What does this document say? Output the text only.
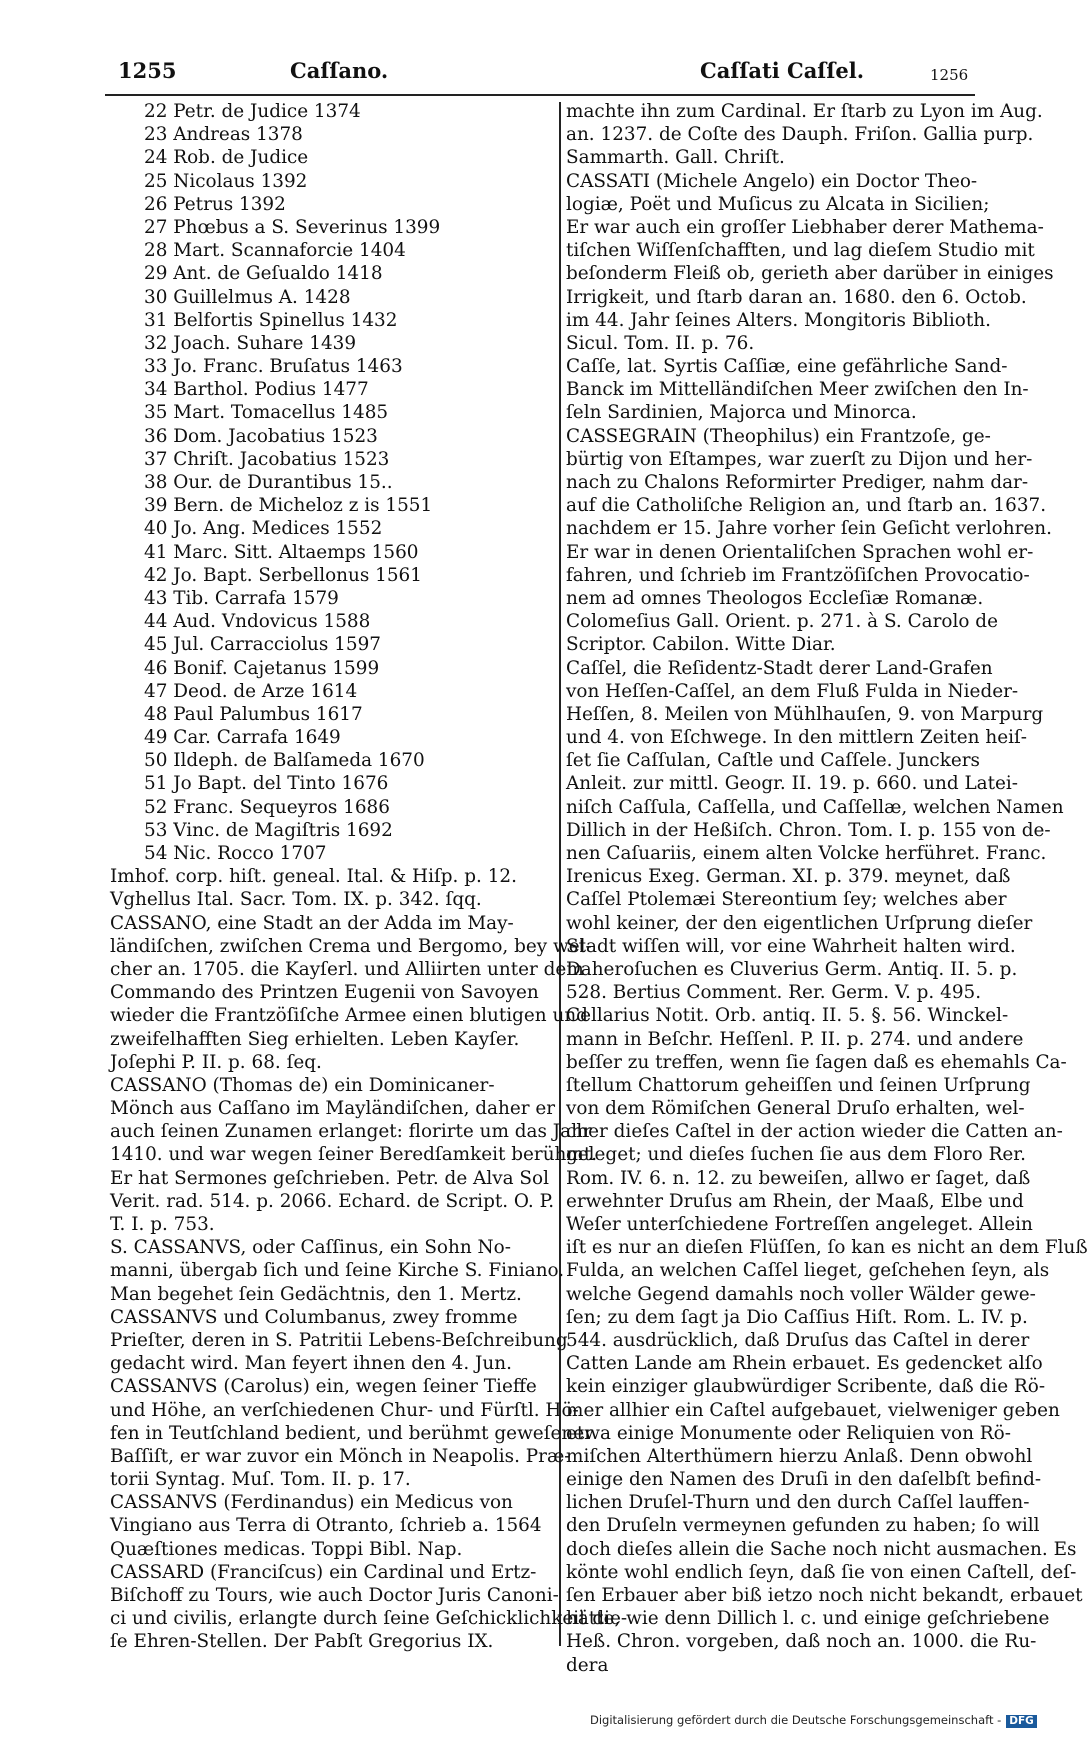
1255	Caſſano.	Caſſati Caſſel.	1256
22 Petr. de Judice 1374
23 Andreas 1378
24 Rob. de Judice
25 Nicolaus 1392
26 Petrus 1392
27 Phœbus a S. Severinus 1399
28 Mart. Scannaforcie 1404
29 Ant. de Geſualdo 1418
30 Guillelmus A. 1428
31 Belfortis Spinellus 1432
32 Joach. Suhare 1439
33 Jo. Franc. Bruſatus 1463
34 Barthol. Podius 1477
35 Mart. Tomacellus 1485
36 Dom. Jacobatius 1523
37 Chriſt. Jacobatius 1523
38 Our. de Durantibus 15..
39 Bern. de Micheloz z is 1551
40 Jo. Ang. Medices 1552
41 Marc. Sitt. Altaemps 1560
42 Jo. Bapt. Serbellonus 1561
43 Tib. Carrafa 1579
44 Aud. Vndovicus 1588
45 Jul. Carracciolus 1597
46 Bonif. Cajetanus 1599
47 Deod. de Arze 1614
48 Paul Palumbus 1617
49 Car. Carrafa 1649
50 Ildeph. de Balſameda 1670
51 Jo Bapt. del Tinto 1676
52 Franc. Sequeyros 1686
53 Vinc. de Magiſtris 1692
54 Nic. Rocco 1707
Imhof. corp. hiſt. geneal. Ital. & Hiſp. p. 12.
Vghellus Ital. Sacr. Tom. IX. p. 342. ſqq.
CASSANO, eine Stadt an der Adda im May-
ländiſchen, zwiſchen Crema und Bergomo, bey wel-
cher an. 1705. die Kayſerl. und Alliirten unter dem
Commando des Printzen Eugenii von Savoyen
wieder die Frantzöſiſche Armee einen blutigen und
zweifelhafften Sieg erhielten. Leben Kayſer.
Joſephi P. II. p. 68. ſeq.
CASSANO (Thomas de) ein Dominicaner-
Mönch aus Caſſano im Mayländiſchen, daher er
auch ſeinen Zunamen erlanget: florirte um das Jahr
1410. und war wegen ſeiner Beredſamkeit berühmt.
Er hat Sermones geſchrieben. Petr. de Alva Sol
Verit. rad. 514. p. 2066. Echard. de Script. O. P.
T. I. p. 753.
S. CASSANVS, oder Caſſinus, ein Sohn No-
manni, übergab ſich und ſeine Kirche S. Finiano.
Man begehet ſein Gedächtnis, den 1. Mertz.
CASSANVS und Columbanus, zwey fromme
Prieſter, deren in S. Patritii Lebens-Beſchreibung
gedacht wird. Man feyert ihnen den 4. Jun.
CASSANVS (Carolus) ein, wegen ſeiner Tieffe
und Höhe, an verſchiedenen Chur- und Fürſtl. Hö-
fen in Teutſchland bedient, und berühmt geweſener
Baſſiſt, er war zuvor ein Mönch in Neapolis. Præ-
torii Syntag. Muſ. Tom. II. p. 17.
CASSANVS (Ferdinandus) ein Medicus von
Vingiano aus Terra di Otranto, ſchrieb a. 1564
Quæſtiones medicas. Toppi Bibl. Nap.
CASSARD (Franciſcus) ein Cardinal und Ertz-
Biſchoff zu Tours, wie auch Doctor Juris Canoni-
ci und civilis, erlangte durch ſeine Geſchicklichkeit die-
ſe Ehren-Stellen. Der Pabſt Gregorius IX.
machte ihn zum Cardinal. Er ſtarb zu Lyon im Aug.
an. 1237. de Coſte des Dauph. Friſon. Gallia purp.
Sammarth. Gall. Chriſt.
CASSATI (Michele Angelo) ein Doctor Theo-
logiæ, Poët und Muſicus zu Alcata in Sicilien;
Er war auch ein groſſer Liebhaber derer Mathema-
tiſchen Wiſſenſchafften, und lag dieſem Studio mit
beſonderm Fleiß ob, gerieth aber darüber in einiges
Irrigkeit, und ſtarb daran an. 1680. den 6. Octob.
im 44. Jahr ſeines Alters. Mongitoris Biblioth.
Sicul. Tom. II. p. 76.
Caſſe, lat. Syrtis Caſſiæ, eine gefährliche Sand-
Banck im Mittelländiſchen Meer zwiſchen den In-
ſeln Sardinien, Majorca und Minorca.
CASSEGRAIN (Theophilus) ein Frantzoſe, ge-
bürtig von Eſtampes, war zuerſt zu Dijon und her-
nach zu Chalons Reformirter Prediger, nahm dar-
auf die Catholiſche Religion an, und ſtarb an. 1637.
nachdem er 15. Jahre vorher ſein Geſicht verlohren.
Er war in denen Orientaliſchen Sprachen wohl er-
fahren, und ſchrieb im Frantzöſiſchen Provocatio-
nem ad omnes Theologos Eccleſiæ Romanæ.
Colomeſius Gall. Orient. p. 271. à S. Carolo de
Scriptor. Cabilon. Witte Diar.
Caſſel, die Reſidentz-Stadt derer Land-Grafen
von Heſſen-Caſſel, an dem Fluß Fulda in Nieder-
Heſſen, 8. Meilen von Mühlhauſen, 9. von Marpurg
und 4. von Eſchwege. In den mittlern Zeiten heiſ-
ſet ſie Caſſulan, Caſtle und Caſſele. Junckers
Anleit. zur mittl. Geogr. II. 19. p. 660. und Latei-
niſch Caſſula, Caſſella, und Caſſellæ, welchen Namen
Dillich in der Heßiſch. Chron. Tom. I. p. 155 von de-
nen Caſuariis, einem alten Volcke herführet. Franc.
Irenicus Exeg. German. XI. p. 379. meynet, daß
Caſſel Ptolemæi Stereontium ſey; welches aber
wohl keiner, der den eigentlichen Urſprung dieſer
Stadt wiſſen will, vor eine Wahrheit halten wird.
Daheroſuchen es Cluverius Germ. Antiq. II. 5. p.
528. Bertius Comment. Rer. Germ. V. p. 495.
Cellarius Notit. Orb. antiq. II. 5. §. 56. Winckel-
mann in Beſchr. Heſſenl. P. II. p. 274. und andere
beſſer zu treffen, wenn ſie ſagen daß es ehemahls Ca-
ſtellum Chattorum geheiſſen und ſeinen Urſprung
von dem Römiſchen General Druſo erhalten, wel-
cher dieſes Caſtel in der action wieder die Catten an-
geleget; und dieſes ſuchen ſie aus dem Floro Rer.
Rom. IV. 6. n. 12. zu beweiſen, allwo er ſaget, daß
erwehnter Druſus am Rhein, der Maaß, Elbe und
Weſer unterſchiedene Fortreſſen angeleget. Allein
iſt es nur an dieſen Flüſſen, ſo kan es nicht an dem Fluß
Fulda, an welchen Caſſel lieget, geſchehen ſeyn, als
welche Gegend damahls noch voller Wälder gewe-
ſen; zu dem ſagt ja Dio Caſſius Hiſt. Rom. L. IV. p.
544. ausdrücklich, daß Druſus das Caſtel in derer
Catten Lande am Rhein erbauet. Es gedencket alſo
kein einziger glaubwürdiger Scribente, daß die Rö-
mer allhier ein Caſtel aufgebauet, vielweniger geben
etwa einige Monumente oder Reliquien von Rö-
miſchen Alterthümern hierzu Anlaß. Denn obwohl
einige den Namen des Druſi in den daſelbſt befind-
lichen Druſel-Thurn und den durch Caſſel lauffen-
den Druſeln vermeynen gefunden zu haben; ſo will
doch dieſes allein die Sache noch nicht ausmachen. Es
könte wohl endlich ſeyn, daß ſie von einen Caſtell, deſ-
ſen Erbauer aber biß ietzo noch nicht bekandt, erbauet
hätte, wie denn Dillich l. c. und einige geſchriebene
Heß. Chron. vorgeben, daß noch an. 1000. die Ru-
dera
Digitalisierung gefördert durch die Deutsche Forschungsgemeinschaft - DFG
